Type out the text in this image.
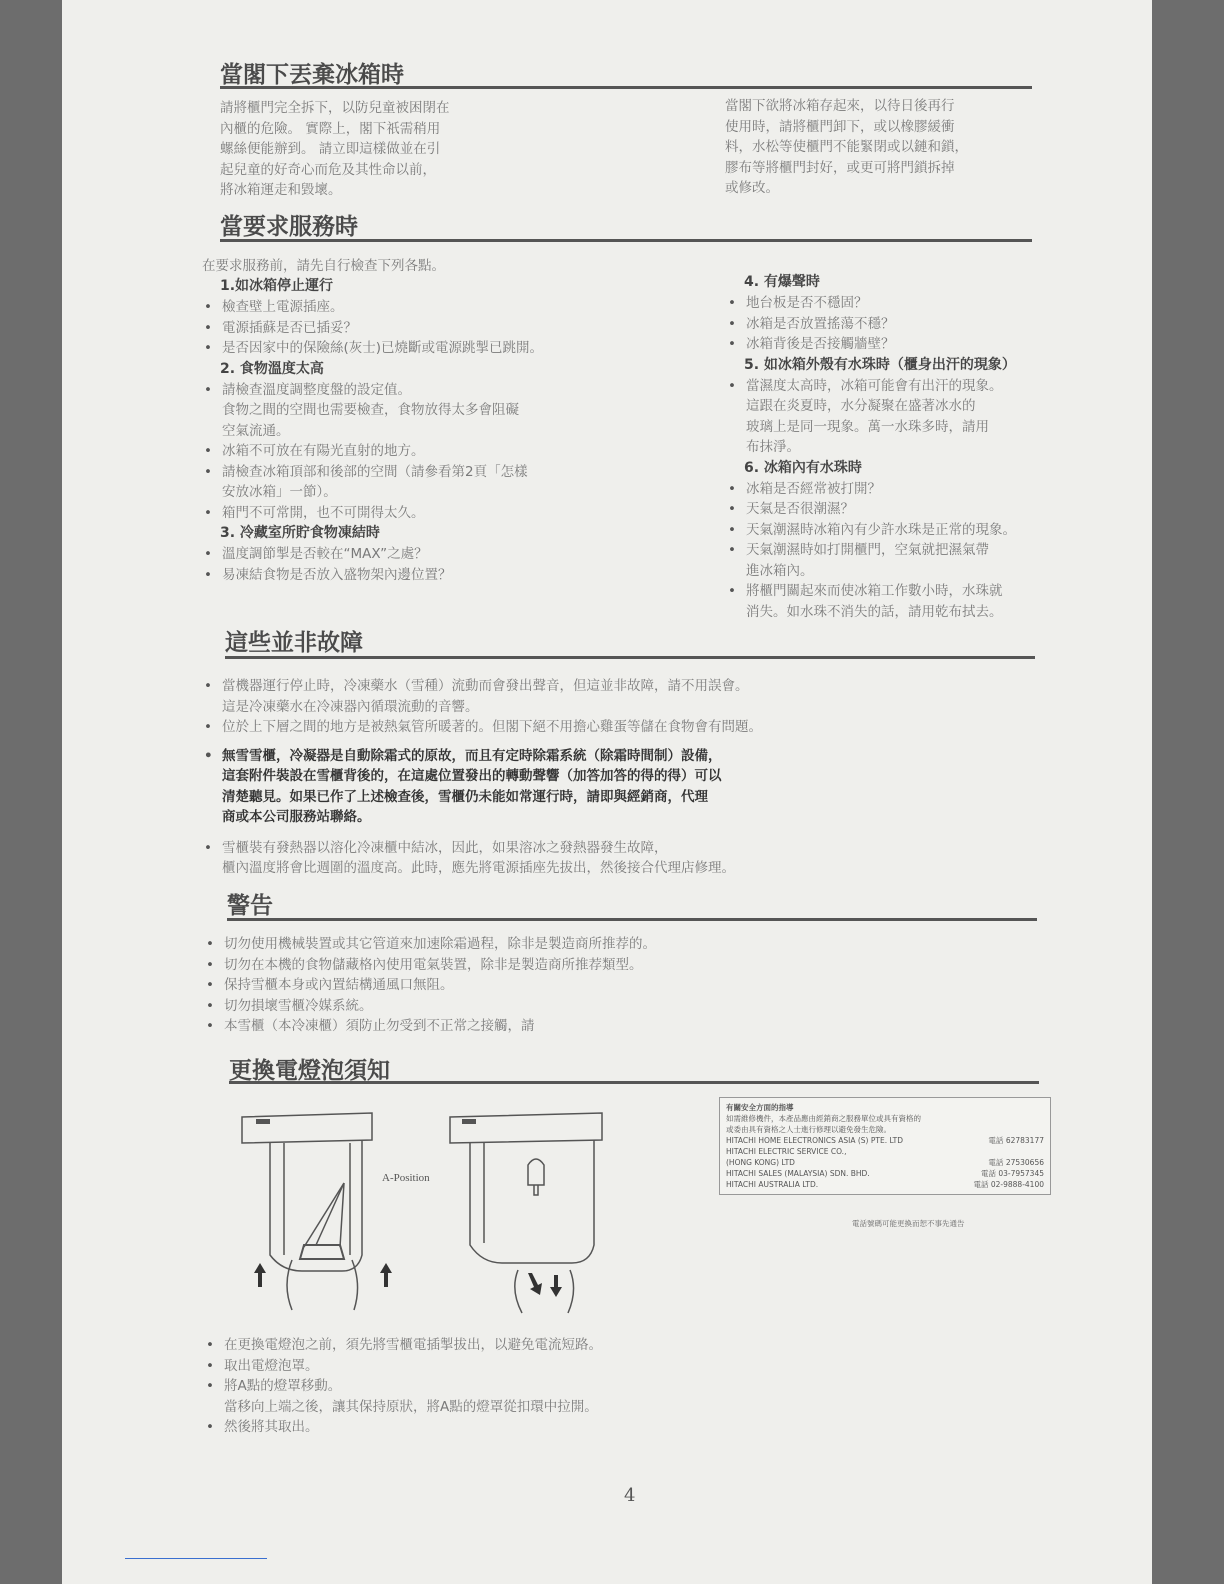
當閣下丟棄冰箱時
請將櫃門完全拆下，以防兒童被困閉在
內櫃的危險。 實際上，閣下祇需稍用
螺絲便能辦到。 請立即這樣做並在引
起兒童的好奇心而危及其性命以前，
將冰箱運走和毀壞。
當閣下欲將冰箱存起來，以待日後再行
使用時，請將櫃門卸下，或以橡膠緩衝
料，水松等使櫃門不能緊閉或以鏈和鎖，
膠布等將櫃門封好，或更可將門鎖拆掉
或修改。
當要求服務時
在要求服務前，請先自行檢查下列各點。
1.如冰箱停止運行
• 檢查壁上電源插座。
• 電源插蘇是否已插妥？
• 是否因家中的保險絲(灰士)已燒斷或電源跳掣已跳開。
2. 食物溫度太高
• 請檢查溫度調整度盤的設定值。
食物之間的空間也需要檢查，食物放得太多會阻礙
空氣流通。
• 冰箱不可放在有陽光直射的地方。
• 請檢查冰箱頂部和後部的空間（請參看第2頁「怎樣
安放冰箱」一節）。
• 箱門不可常開，也不可開得太久。
3. 冷藏室所貯食物凍結時
• 溫度調節掣是否較在“MAX”之處？
• 易凍結食物是否放入盛物架內邊位置？
4. 有爆聲時
• 地台板是否不穩固？
• 冰箱是否放置搖蕩不穩？
• 冰箱背後是否接觸牆壁？
5. 如冰箱外殼有水珠時（櫃身出汗的現象）
• 當濕度太高時，冰箱可能會有出汗的現象。
這跟在炎夏時，水分凝聚在盛著冰水的
玻璃上是同一現象。萬一水珠多時，請用
布抹淨。
6. 冰箱內有水珠時
• 冰箱是否經常被打開？
• 天氣是否很潮濕？
• 天氣潮濕時冰箱內有少許水珠是正常的現象。
• 天氣潮濕時如打開櫃門，空氣就把濕氣帶
進冰箱內。
• 將櫃門關起來而使冰箱工作數小時，水珠就
消失。如水珠不消失的話，請用乾布拭去。
這些並非故障
• 當機器運行停止時，冷凍藥水（雪種）流動而會發出聲音，但這並非故障，請不用誤會。
這是冷凍藥水在冷凍器內循環流動的音響。
• 位於上下層之間的地方是被熱氣管所暖著的。但閣下絕不用擔心雞蛋等儲在食物會有問題。
• 無雪雪櫃，冷凝器是自動除霜式的原故，而且有定時除霜系統（除霜時間制）設備，
這套附件裝設在雪櫃背後的，在這處位置發出的轉動聲響（加答加答的得的得）可以
清楚聽見。如果已作了上述檢查後，雪櫃仍未能如常運行時，請即與經銷商，代理
商或本公司服務站聯絡。
• 雪櫃裝有發熱器以溶化冷凍櫃中結冰，因此，如果溶冰之發熱器發生故障，
櫃內溫度將會比週圍的溫度高。此時，應先將電源插座先拔出，然後接合代理店修理。
警告
• 切勿使用機械裝置或其它管道來加速除霜過程，除非是製造商所推荐的。
• 切勿在本機的食物儲藏格內使用電氣裝置，除非是製造商所推荐類型。
• 保持雪櫃本身或內置結構通風口無阻。
• 切勿損壞雪櫃冷媒系統。
• 本雪櫃（本冷凍櫃）須防止勿受到不正常之接觸，請
更換電燈泡須知
A-Position
有關安全方面的指導
如需維修機件，本產品應由經銷商之服務單位或具有資格的
或委由具有資格之人士進行修理以避免發生危險。
HITACHI HOME ELECTRONICS ASIA (S) PTE. LTD	電話 62783177
HITACHI ELECTRIC SERVICE CO.,
(HONG KONG) LTD	電話 27530656
HITACHI SALES (MALAYSIA) SDN. BHD.	電話 03-7957345
HITACHI AUSTRALIA LTD.	電話 02-9888-4100
電話號碼可能更換而恕不事先通告
• 在更換電燈泡之前，須先將雪櫃電插掣拔出，以避免電流短路。
• 取出電燈泡罩。
• 將A點的燈罩移動。
當移向上端之後，讓其保持原狀，將A點的燈罩從扣環中拉開。
• 然後將其取出。
4
